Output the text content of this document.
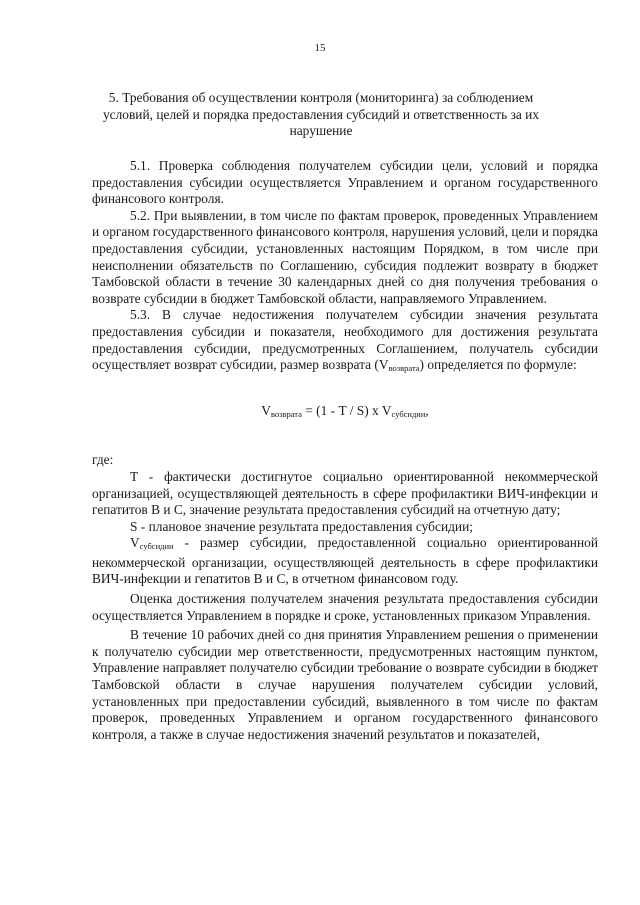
15
5. Требования об осуществлении контроля (мониторинга) за соблюдением условий, целей и порядка предоставления субсидий и ответственность за их нарушение

5.1. Проверка соблюдения получателем субсидии цели, условий и порядка предоставления субсидии осуществляется Управлением и органом государственного финансового контроля.

5.2. При выявлении, в том числе по фактам проверок, проведенных Управлением и органом государственного финансового контроля, нарушения условий, цели и порядка предоставления субсидии, установленных настоящим Порядком, в том числе при неисполнении обязательств по Соглашению, субсидия подлежит возврату в бюджет Тамбовской области в течение 30 календарных дней со дня получения требования о возврате субсидии в бюджет Тамбовской области, направляемого Управлением.

5.3. В случае недостижения получателем субсидии значения результата предоставления субсидии и показателя, необходимого для достижения результата предоставления субсидии, предусмотренных Соглашением, получатель субсидии осуществляет возврат субсидии, размер возврата $(V_{возврата})$ определяется по формуле:

$V_{возврата} = (1 - T / S)$ x $V_{субсидии}$,

где:

T - фактически достигнутое социально ориентированной некоммерческой организацией, осуществляющей деятельность в сфере профилактики ВИЧ-инфекции и гепатитов В и С, значение результата предоставления субсидий на отчетную дату;

S - плановое значение результата предоставления субсидии;

$V_{субсидии}$ - размер субсидии, предоставленной социально ориентированной некоммерческой организации, осуществляющей деятельность в сфере профилактики ВИЧ-инфекции и гепатитов В и С, в отчетном финансовом году.

Оценка достижения получателем значения результата предоставления субсидии осуществляется Управлением в порядке и сроке, установленных приказом Управления.

В течение 10 рабочих дней со дня принятия Управлением решения о применении к получателю субсидии мер ответственности, предусмотренных настоящим пунктом, Управление направляет получателю субсидии требование о возврате субсидии в бюджет Тамбовской области в случае нарушения получателем субсидии условий, установленных при предоставлении субсидий, выявленного в том числе по фактам проверок, проведенных Управлением и органом государственного финансового контроля, а также в случае недостижения значений результатов и показателей,
